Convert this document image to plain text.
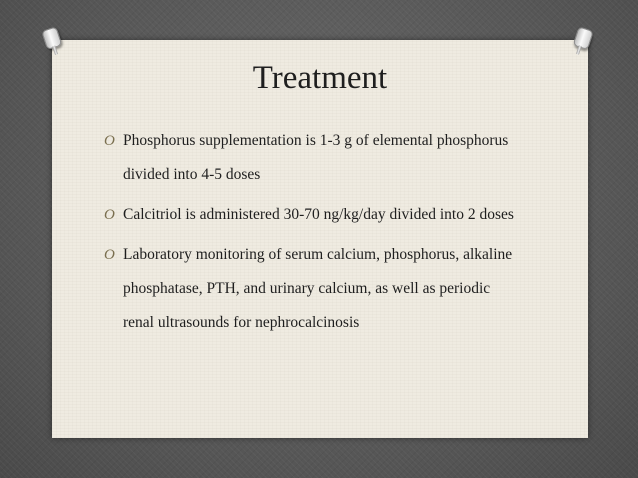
Treatment
O Phosphorus supplementation is 1-3 g of elemental phosphorus divided into 4-5 doses
O Calcitriol is administered 30-70 ng/kg/day divided into 2 doses
O Laboratory monitoring of serum calcium, phosphorus, alkaline phosphatase, PTH, and urinary calcium, as well as periodic renal ultrasounds for nephrocalcinosis
